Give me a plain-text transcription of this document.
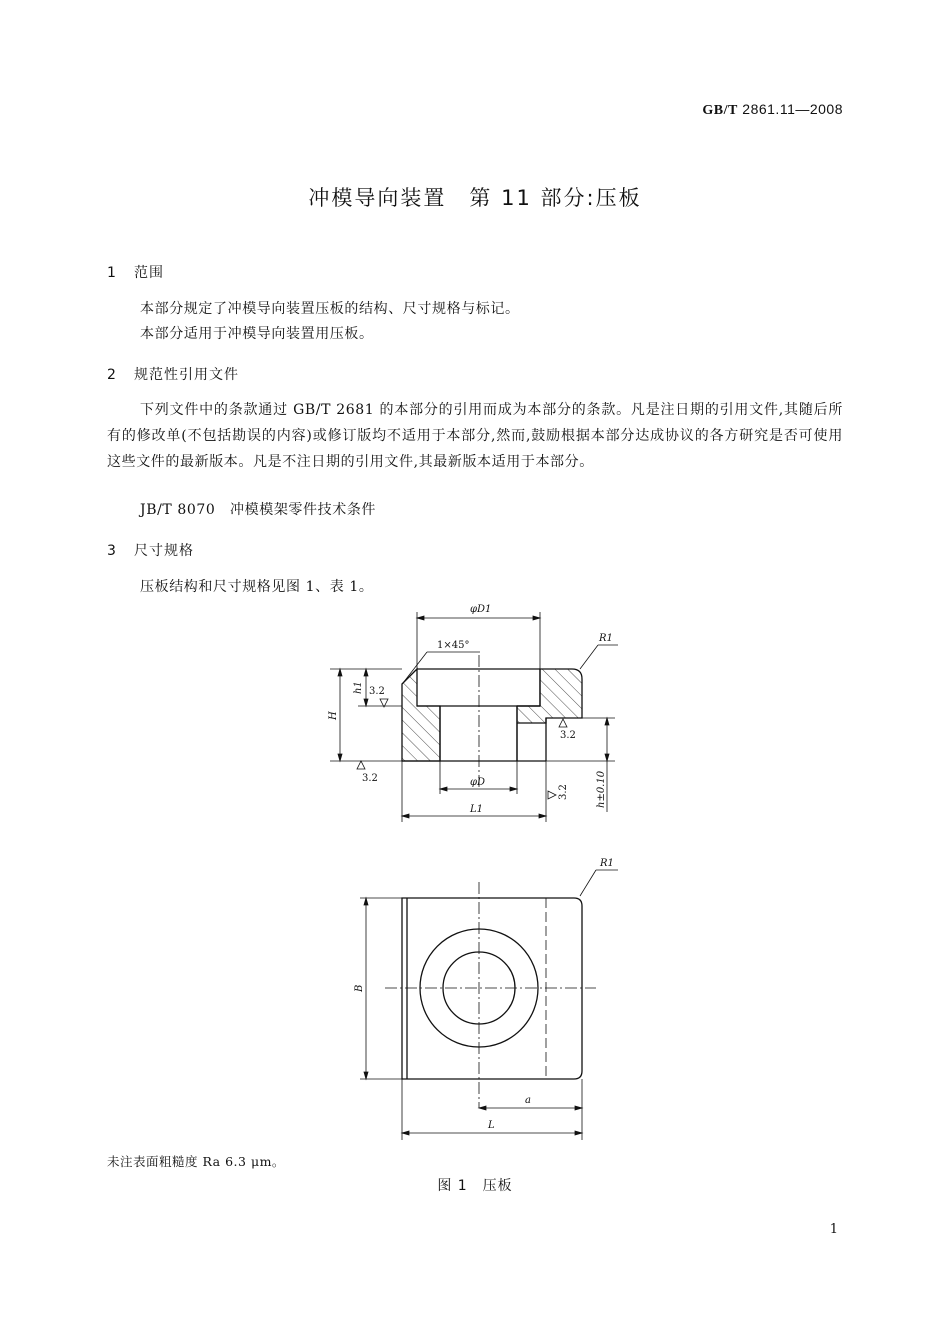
GB/T 2861.11—2008
冲模导向装置　第 11 部分:压板
1 范围
本部分规定了冲模导向装置压板的结构、尺寸规格与标记。
本部分适用于冲模导向装置用压板。
2 规范性引用文件
下列文件中的条款通过 GB/T 2681 的本部分的引用而成为本部分的条款。凡是注日期的引用文件,其随后所有的修改单(不包括勘误的内容)或修订版均不适用于本部分,然而,鼓励根据本部分达成协议的各方研究是否可使用这些文件的最新版本。凡是不注日期的引用文件,其最新版本适用于本部分。
JB/T 8070　冲模模架零件技术条件
3 尺寸规格
压板结构和尺寸规格见图 1、表 1。
φD1
1×45°
R1
h1 3.2
H
3.2
3.2	φD
3.2	h±0.10
L1
R1
B
a
L
未注表面粗糙度 Ra 6.3 μm。
图 1　压板
1
